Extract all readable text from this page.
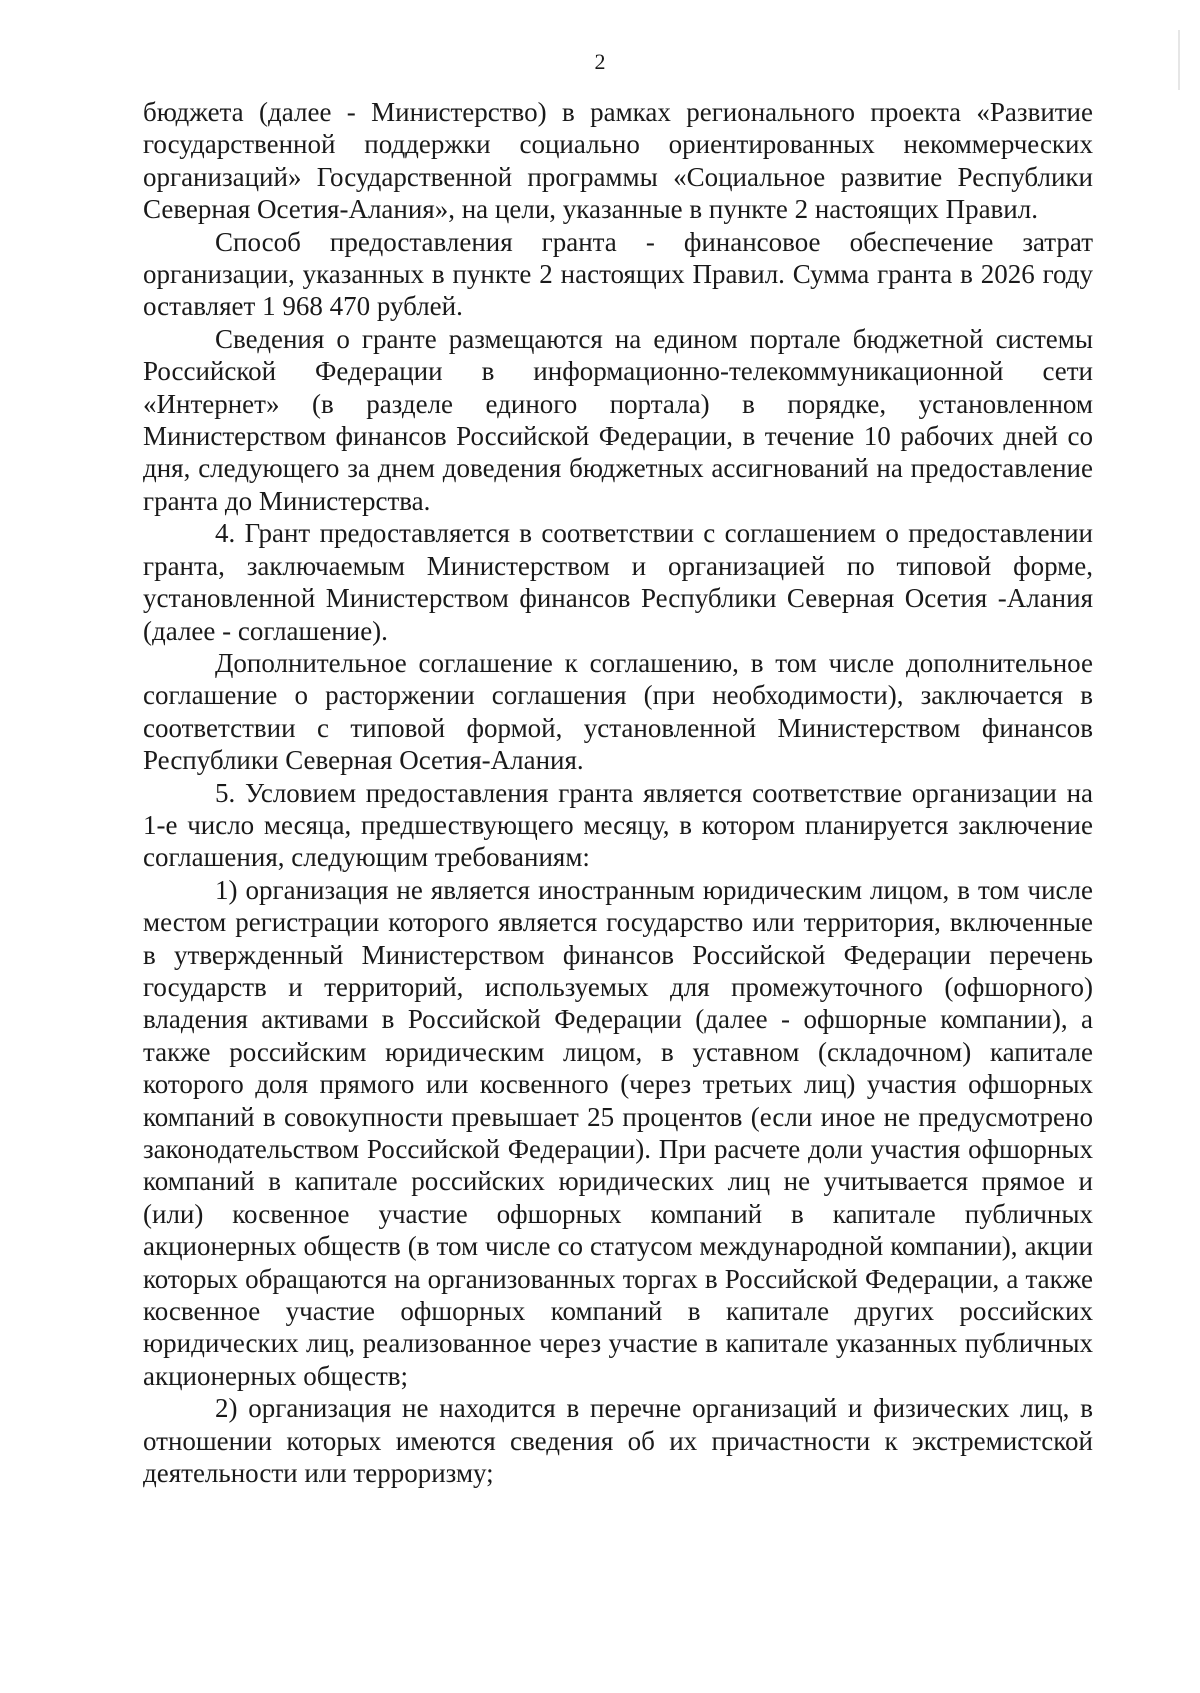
2

бюджета (далее - Министерство) в рамках регионального проекта «Развитие государственной поддержки социально ориентированных некоммерческих организаций» Государственной программы «Социальное развитие Республики Северная Осетия-Алания», на цели, указанные в пункте 2 настоящих Правил.

Способ предоставления гранта - финансовое обеспечение затрат организации, указанных в пункте 2 настоящих Правил. Сумма гранта в 2026 году оставляет 1 968 470 рублей.

Сведения о гранте размещаются на едином портале бюджетной системы Российской Федерации в информационно-телекоммуникационной сети «Интернет» (в разделе единого портала) в порядке, установленном Министерством финансов Российской Федерации, в течение 10 рабочих дней со дня, следующего за днем доведения бюджетных ассигнований на предоставление гранта до Министерства.

4. Грант предоставляется в соответствии с соглашением о предоставлении гранта, заключаемым Министерством и организацией по типовой форме, установленной Министерством финансов Республики Северная Осетия -Алания (далее - соглашение).

Дополнительное соглашение к соглашению, в том числе дополнительное соглашение о расторжении соглашения (при необходимости), заключается в соответствии с типовой формой, установленной Министерством финансов Республики Северная Осетия-Алания.

5. Условием предоставления гранта является соответствие организации на 1-е число месяца, предшествующего месяцу, в котором планируется заключение соглашения, следующим требованиям:

1) организация не является иностранным юридическим лицом, в том числе местом регистрации которого является государство или территория, включенные в утвержденный Министерством финансов Российской Федерации перечень государств и территорий, используемых для промежуточного (офшорного) владения активами в Российской Федерации (далее - офшорные компании), а также российским юридическим лицом, в уставном (складочном) капитале которого доля прямого или косвенного (через третьих лиц) участия офшорных компаний в совокупности превышает 25 процентов (если иное не предусмотрено законодательством Российской Федерации). При расчете доли участия офшорных компаний в капитале российских юридических лиц не учитывается прямое и (или) косвенное участие офшорных компаний в капитале публичных акционерных обществ (в том числе со статусом международной компании), акции которых обращаются на организованных торгах в Российской Федерации, а также косвенное участие офшорных компаний в капитале других российских юридических лиц, реализованное через участие в капитале указанных публичных акционерных обществ;

2) организация не находится в перечне организаций и физических лиц, в отношении которых имеются сведения об их причастности к экстремистской деятельности или терроризму;
